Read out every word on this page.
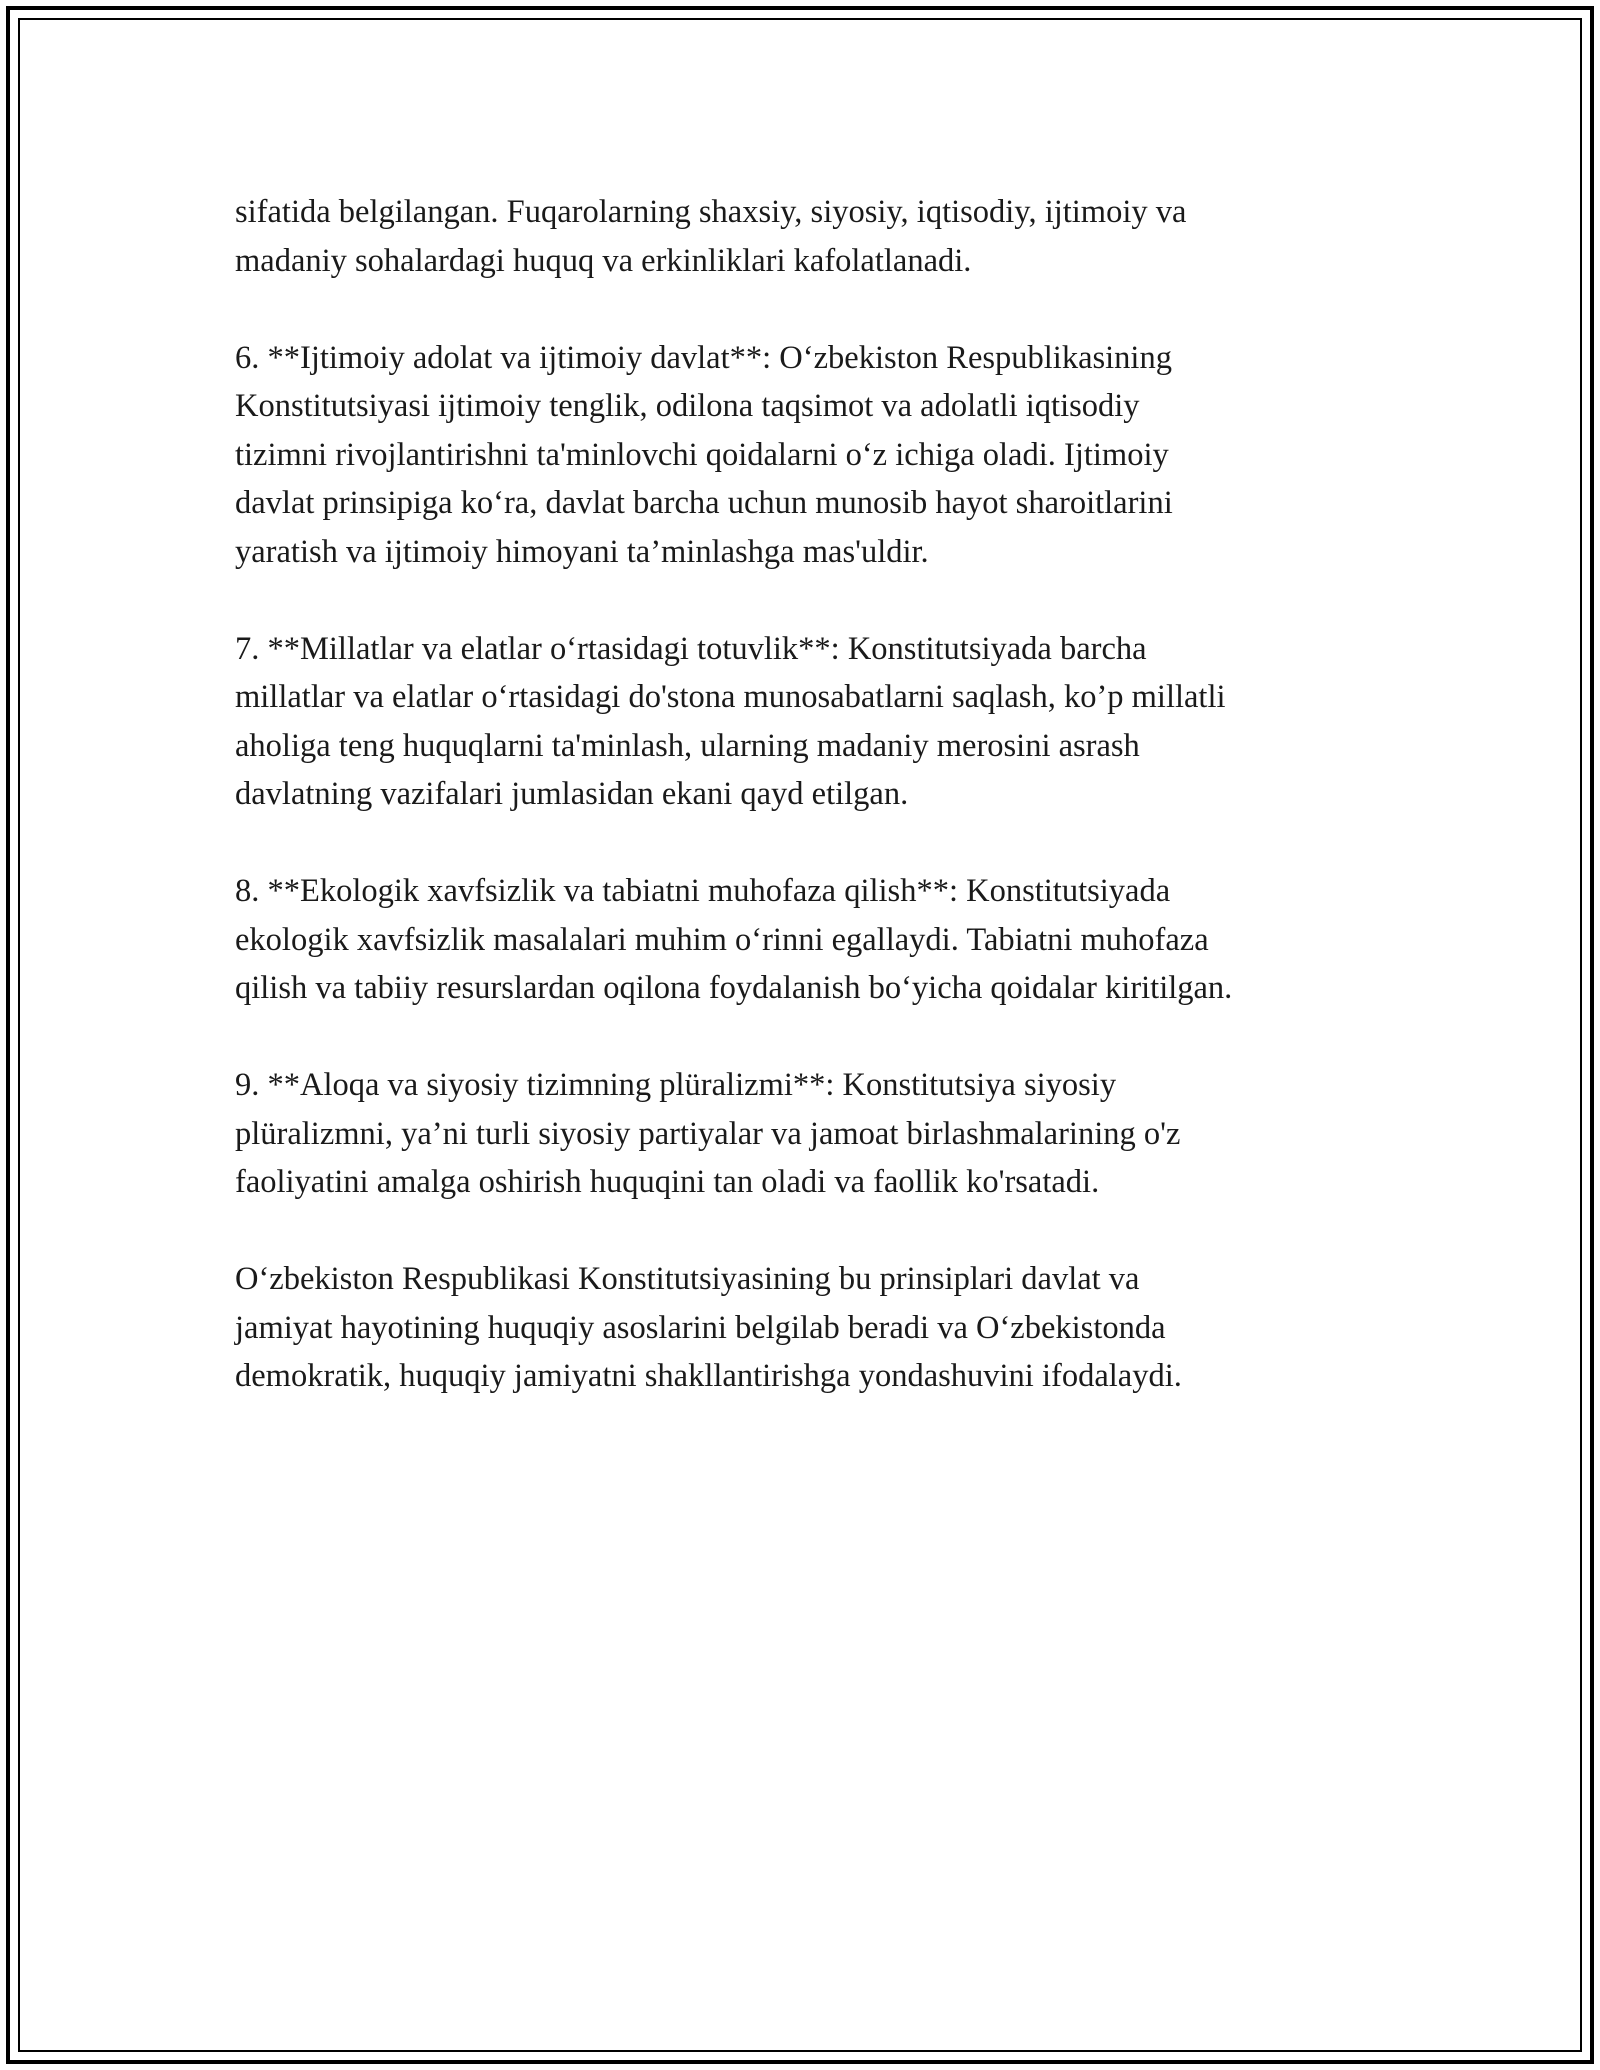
sifatida belgilangan. Fuqarolarning shaxsiy, siyosiy, iqtisodiy, ijtimoiy va
madaniy sohalardagi huquq va erkinliklari kafolatlanadi.

6. **Ijtimoiy adolat va ijtimoiy davlat**: O‘zbekiston Respublikasining
Konstitutsiyasi ijtimoiy tenglik, odilona taqsimot va adolatli iqtisodiy
tizimni rivojlantirishni ta'minlovchi qoidalarni o‘z ichiga oladi. Ijtimoiy
davlat prinsipiga ko‘ra, davlat barcha uchun munosib hayot sharoitlarini
yaratish va ijtimoiy himoyani ta’minlashga mas'uldir.

7. **Millatlar va elatlar o‘rtasidagi totuvlik**: Konstitutsiyada barcha
millatlar va elatlar o‘rtasidagi do'stona munosabatlarni saqlash, ko’p millatli
aholiga teng huquqlarni ta'minlash, ularning madaniy merosini asrash
davlatning vazifalari jumlasidan ekani qayd etilgan.

8. **Ekologik xavfsizlik va tabiatni muhofaza qilish**: Konstitutsiyada
ekologik xavfsizlik masalalari muhim o‘rinni egallaydi. Tabiatni muhofaza
qilish va tabiiy resurslardan oqilona foydalanish bo‘yicha qoidalar kiritilgan.

9. **Aloqa va siyosiy tizimning plüralizmi**: Konstitutsiya siyosiy
plüralizmni, ya’ni turli siyosiy partiyalar va jamoat birlashmalarining o'z
faoliyatini amalga oshirish huquqini tan oladi va faollik ko'rsatadi.

O‘zbekiston Respublikasi Konstitutsiyasining bu prinsiplari davlat va
jamiyat hayotining huquqiy asoslarini belgilab beradi va O‘zbekistonda
demokratik, huquqiy jamiyatni shakllantirishga yondashuvini ifodalaydi.
